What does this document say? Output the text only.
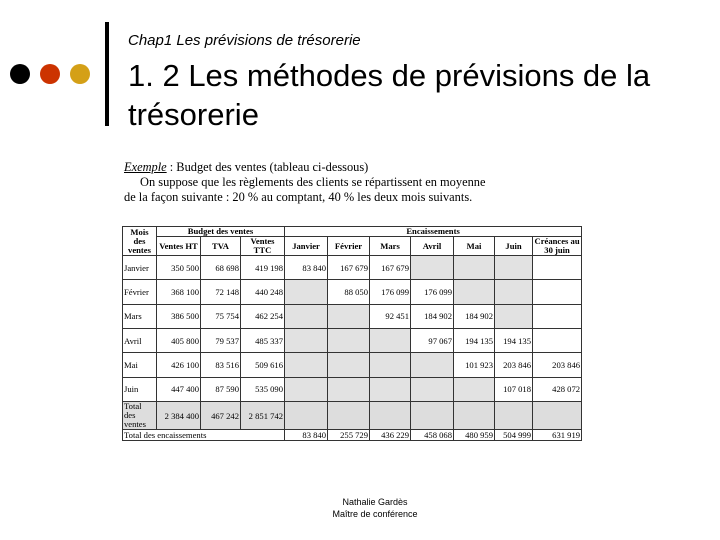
Chap1 Les prévisions de trésorerie
1. 2 Les méthodes de prévisions de la trésorerie
Exemple : Budget des ventes (tableau ci-dessous)
On suppose que les règlements des clients se répartissent en moyenne
de la façon suivante : 20 % au comptant, 40 % les deux mois suivants.
Mois des ventes	Budget des ventes			Encaissements						
	Ventes HT	TVA	Ventes TTC	Janvier	Février	Mars	Avril	Mai	Juin	Créances au 30 juin
Janvier	350 500	68 698	419 198	83 840	167 679	167 679				
Février	368 100	72 148	440 248		88 050	176 099	176 099			
Mars	386 500	75 754	462 254			92 451	184 902	184 902		
Avril	405 800	79 537	485 337				97 067	194 135	194 135	
Mai	426 100	83 516	509 616					101 923	203 846	203 846
Juin	447 400	87 590	535 090						107 018	428 072
Total des ventes	2 384 400	467 242	2 851 742							
Total des encaissements				83 840	255 729	436 229	458 068	480 959	504 999	631 919
Nathalie Gardès
Maître de conférence
